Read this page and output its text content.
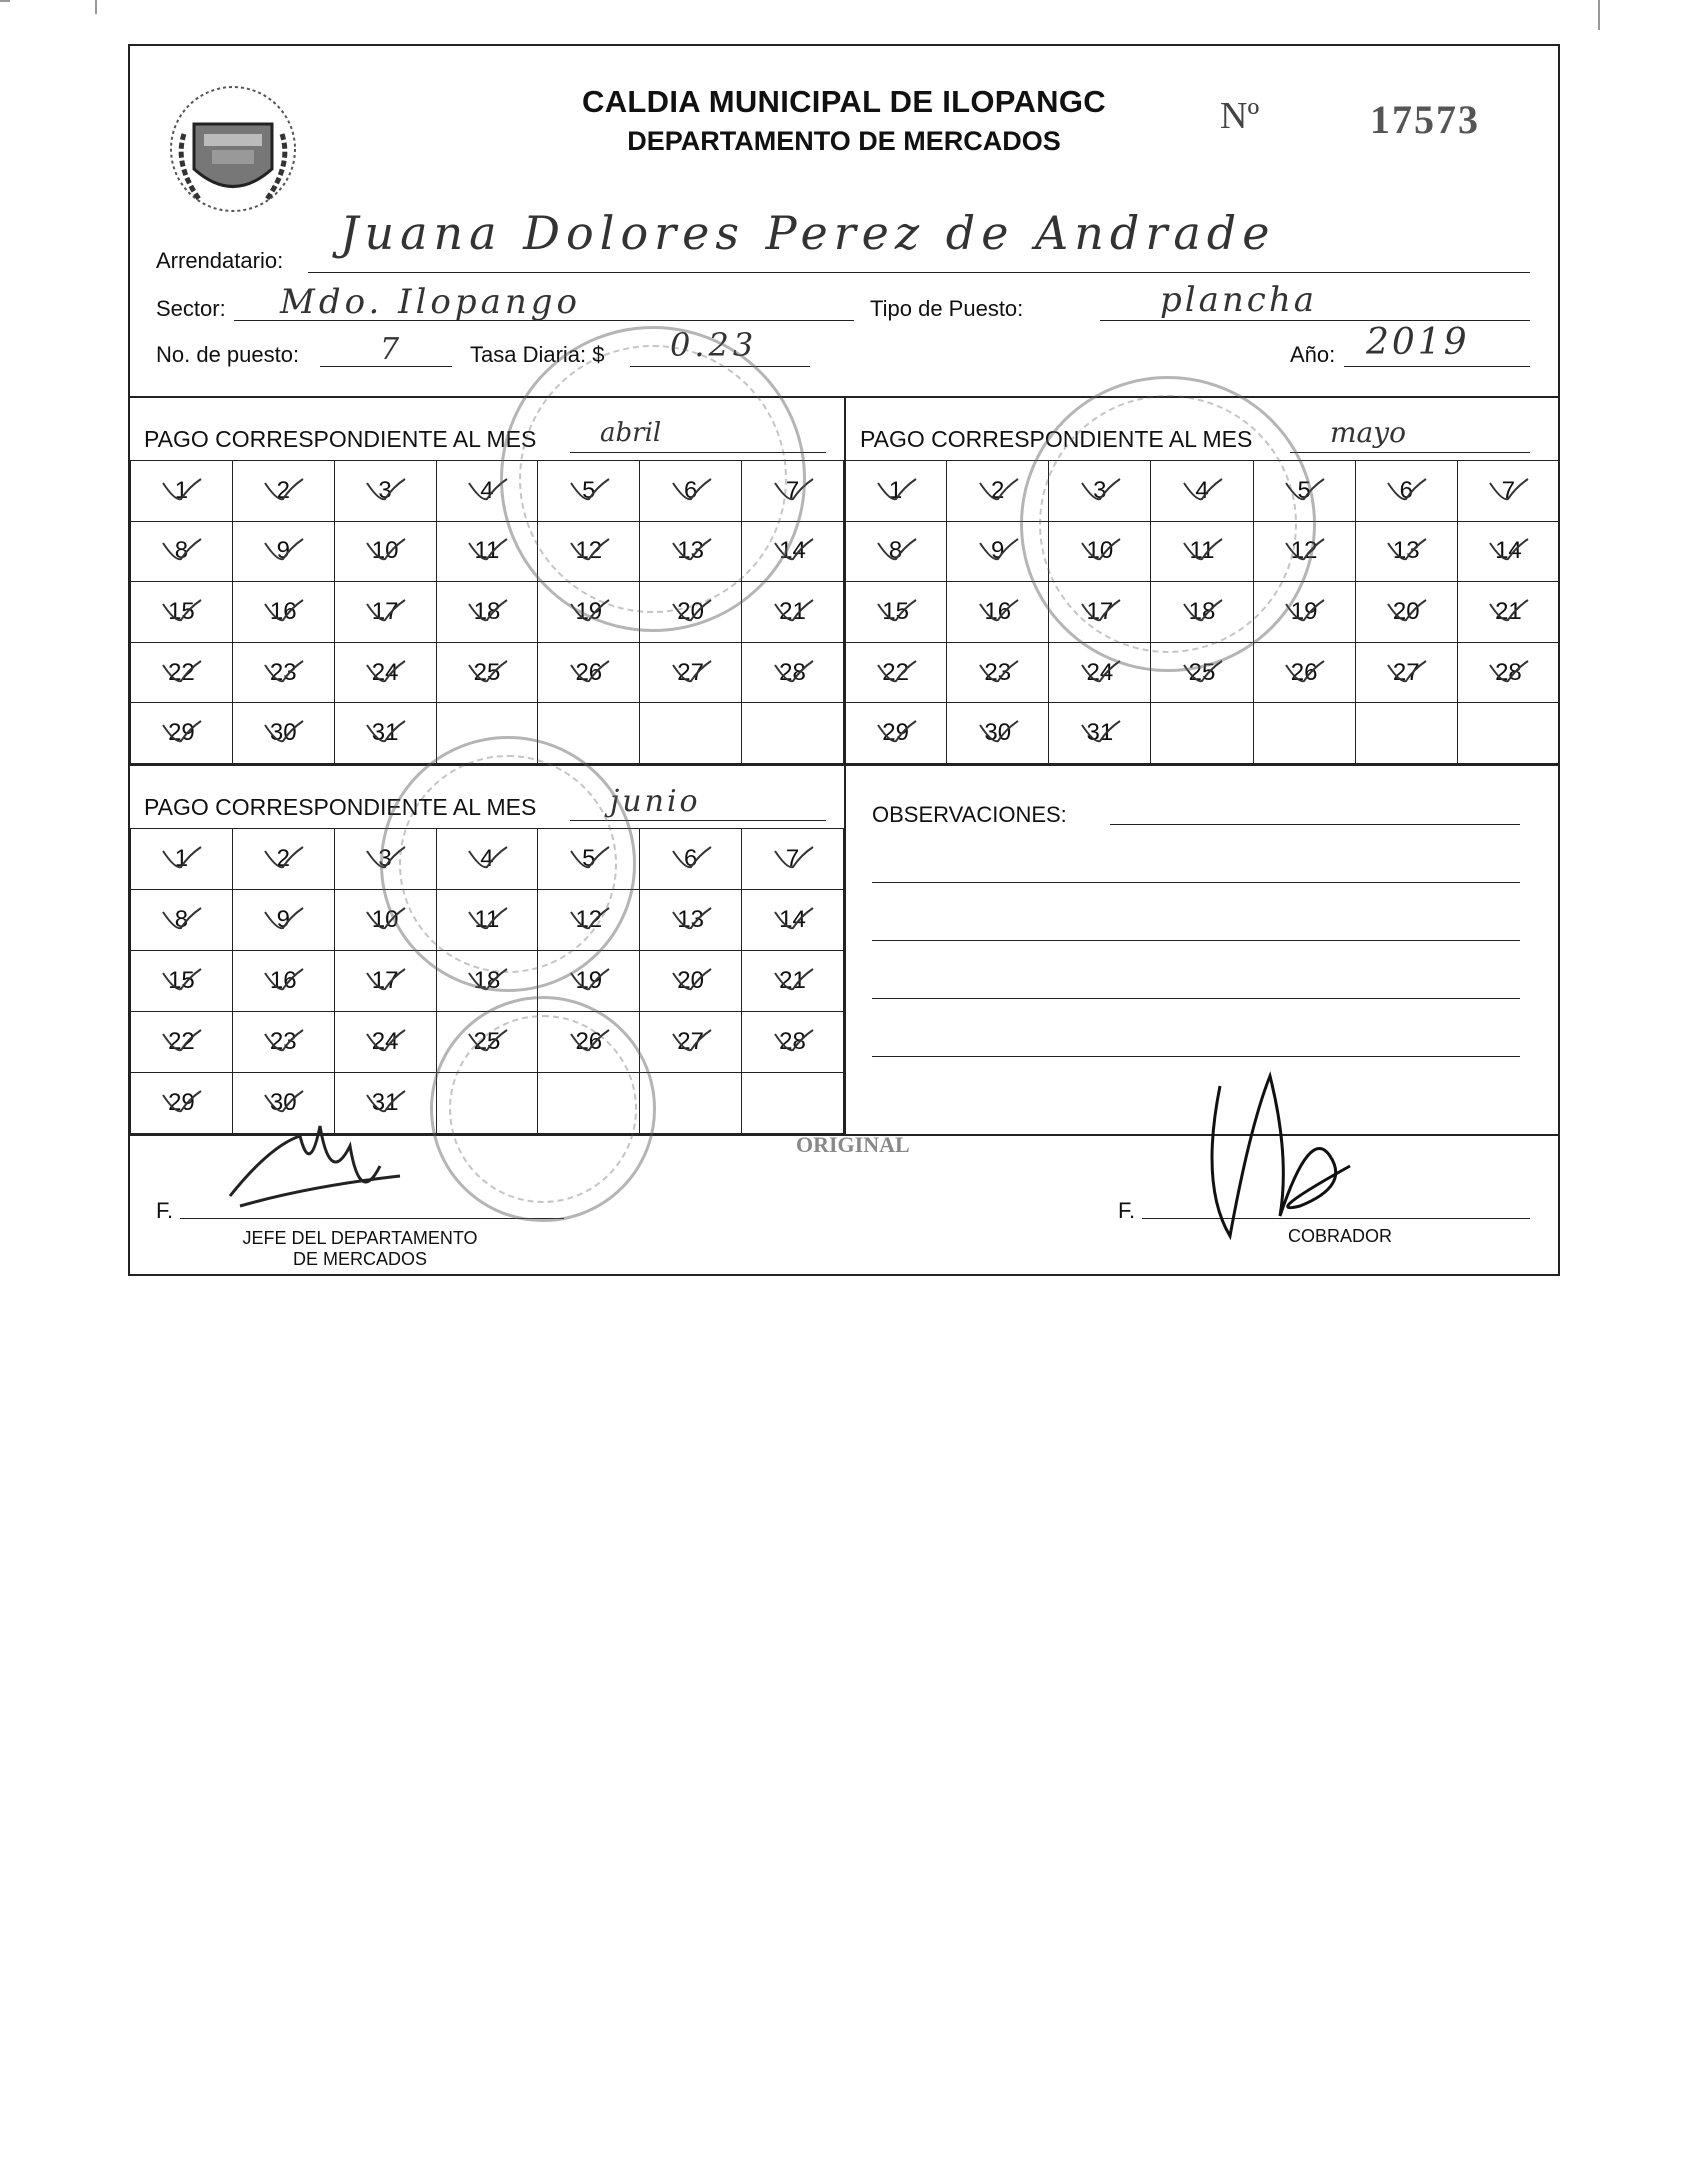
CALDIA MUNICIPAL DE ILOPANGC
DEPARTAMENTO DE MERCADOS
Nº	17573
Arrendatario:
Juana Dolores Perez de Andrade
Sector: Mdo. Ilopango	Tipo de Puesto:	plancha
No. de puesto:	7	Tasa Diaria: $ 0.23	Año: 2019
PAGO CORRESPONDIENTE AL MES abril
1	2	3	4	5	6	7

8	9	10	11	12	13	14

15	16	17	18	19	20	21

22	23	24	25	26	27	28

29	30	31

PAGO CORRESPONDIENTE AL MES	mayo
1	2	3	4	5	6	7

8	9	10	11	12	13	14

15	16	17	18	19	20	21

22	23	24	25	26	27	28

29	30	31

PAGO CORRESPONDIENTE AL MES junio
1	2	3	4	5	6	7

8	9	10	11	12	13	14

15	16	17	18	19	20	21

22	23	24	25	26	27	28

29	30	31

OBSERVACIONES:
ORIGINAL
F.
JEFE DEL DEPARTAMENTO
DE MERCADOS
F.
COBRADOR
